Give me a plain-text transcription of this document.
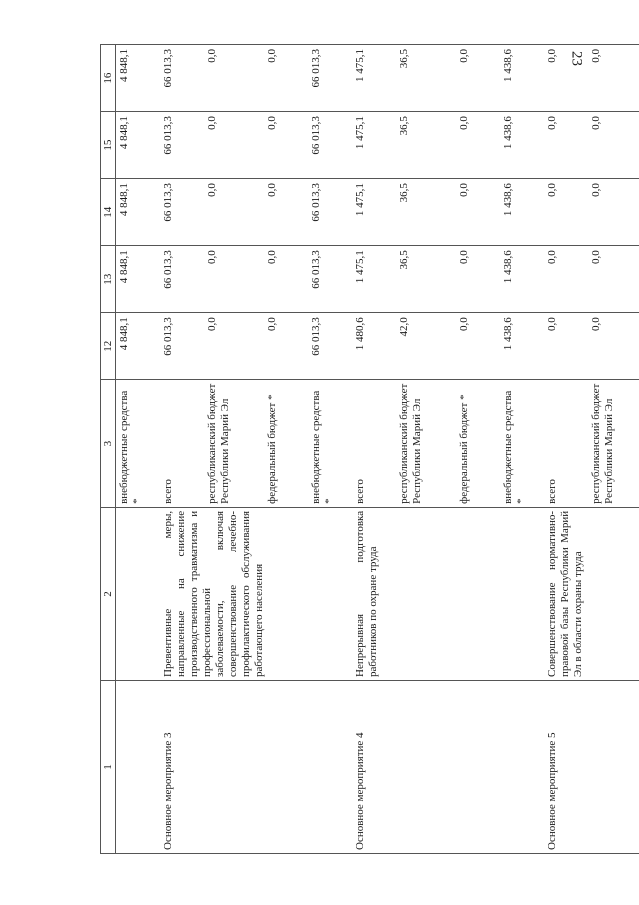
23
1	2	3	12	13	14	15	16
		внебюджетные средства *	4 848,1	4 848,1	4 848,1	4 848,1	4 848,1
Основное мероприятие 3	Превентивные меры, направленные на снижение производственного травматизма и профессиональной заболеваемости, включая совершенствование лечебно-профилактического обслуживания работающего населения	всего	66 013,3	66 013,3	66 013,3	66 013,3	66 013,3
		республиканский бюджет Республики Марий Эл	0,0	0,0	0,0	0,0	0,0
		федеральный бюджет *	0,0	0,0	0,0	0,0	0,0
		внебюджетные средства *	66 013,3	66 013,3	66 013,3	66 013,3	66 013,3
Основное мероприятие 4	Непрерывная подготовка работников по охране труда	всего	1 480,6	1 475,1	1 475,1	1 475,1	1 475,1
		республиканский бюджет Республики Марий Эл	42,0	36,5	36,5	36,5	36,5
		федеральный бюджет *	0,0	0,0	0,0	0,0	0,0
		внебюджетные средства *	1 438,6	1 438,6	1 438,6	1 438,6	1 438,6
Основное мероприятие 5	Совершенствование нормативно-правовой базы Республики Марий Эл в области охраны труда	всего	0,0	0,0	0,0	0,0	0,0
		республиканский бюджет Республики Марий Эл	0,0	0,0	0,0	0,0	0,0
